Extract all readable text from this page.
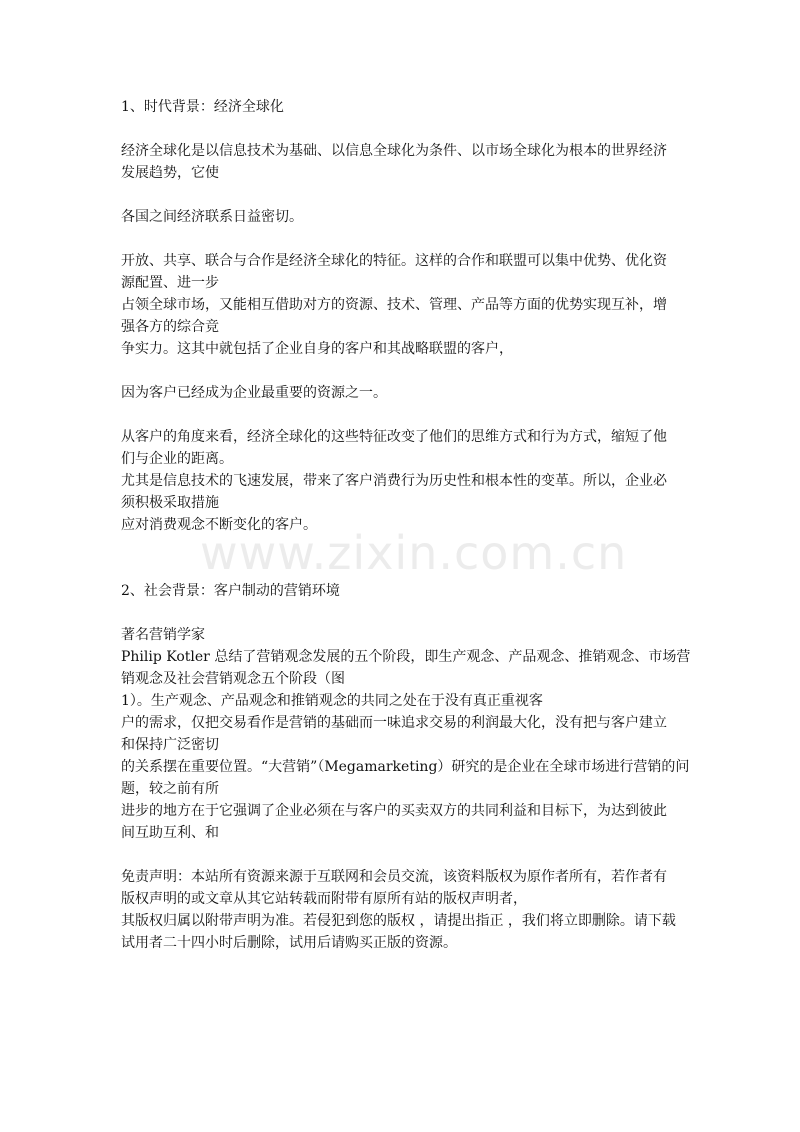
www.zixin.com.cn
1、时代背景：经济全球化
经济全球化是以信息技术为基础、以信息全球化为条件、以市场全球化为根本的世界经济
发展趋势，它使
各国之间经济联系日益密切。
开放、共享、联合与合作是经济全球化的特征。这样的合作和联盟可以集中优势、优化资
源配置、进一步
占领全球市场，又能相互借助对方的资源、技术、管理、产品等方面的优势实现互补，增
强各方的综合竞
争实力。这其中就包括了企业自身的客户和其战略联盟的客户，
因为客户已经成为企业最重要的资源之一。
从客户的角度来看，经济全球化的这些特征改变了他们的思维方式和行为方式，缩短了他
们与企业的距离。
尤其是信息技术的飞速发展，带来了客户消费行为历史性和根本性的变革。所以，企业必
须积极采取措施
应对消费观念不断变化的客户。
2、社会背景：客户制动的营销环境
著名营销学家
Philip Kotler 总结了营销观念发展的五个阶段，即生产观念、产品观念、推销观念、市场营
销观念及社会营销观念五个阶段（图
1）。生产观念、产品观念和推销观念的共同之处在于没有真正重视客
户的需求，仅把交易看作是营销的基础而一味追求交易的利润最大化，没有把与客户建立
和保持广泛密切
的关系摆在重要位置。“大营销”（Megamarketing）研究的是企业在全球市场进行营销的问
题，较之前有所
进步的地方在于它强调了企业必须在与客户的买卖双方的共同利益和目标下，为达到彼此
间互助互利、和
免责声明：本站所有资源来源于互联网和会员交流，该资料版权为原作者所有，若作者有
版权声明的或文章从其它站转载而附带有原所有站的版权声明者，
其版权归属以附带声明为准。若侵犯到您的版权 ，请提出指正 ，我们将立即删除。请下载
试用者二十四小时后删除，试用后请购买正版的资源。
